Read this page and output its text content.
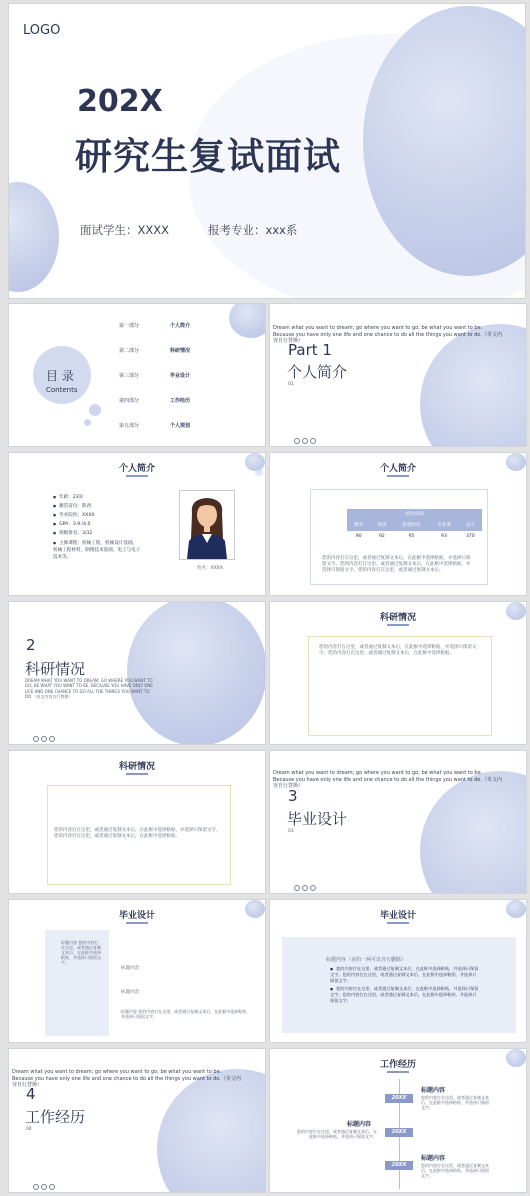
LOGO
202X
研究生复试面试
面试学生：XXXX	报考专业：xxx系
目 录
Contents
第一部分	个人简介
第二部分	科研情况
第三部分	毕业设计
第四部分	工作经历
第五部分	个人规划
Dream what you want to dream; go where you want to go; be what you want to be. Because you have only one life and one chance to do all the things you want to do.（英文内容自行替换）
Part 1
个人简介
01
个人简介
● 年龄：23岁
● 籍贯省份：陕西
● 毕业院校：XXXX
● GPA：3.9 /4.0
● 班级排名：3/32
● 主修课程：机械工程，机械设计基础，机械工程材料，制图技术基础，电工与电子技术等。
姓名：XXXX
个人简介
初试成绩				
数学	英语	思想政治	专业课	总分
90	92	95	93	370
您的内容打在这里，或者通过复制文本后，在此框中选择粘贴，并选择只保留文字。您的内容打在这里，或者通过复制文本后，在此框中选择粘贴，并选择只保留文字。您的内容打在这里，或者通过复制文本后。
2
科研情况
DREAM WHAT YOU WANT TO DREAM; GO WHERE YOU WANT TO GO; BE WHAT YOU WANT TO BE. BECAUSE YOU HAVE ONLY ONE LIFE AND ONE CHANCE TO DO ALL THE THINGS YOU WANT TO DO.（英文内容自行替换）
科研情况
您的内容打在这里，或者通过复制文本后，在此框中选择粘贴，并选择只保留文字。您的内容打在这里，或者通过复制文本后，在此框中选择粘贴。
科研情况
您的内容打在这里，或者通过复制文本后，在此框中选择粘贴，并选择只保留文字。您的内容打在这里，或者通过复制文本后，在此框中选择粘贴。
Dream what you want to dream; go where you want to go; be what you want to be. Because you have only one life and one chance to do all the things you want to do.（英文内容自行替换）
3
毕业设计
03
毕业设计
标题内容 您的内容打在这里，或者通过复制文本后，在此框中选择粘贴，并选择只保留文字。
标题内容
标题内容
标题内容 您的内容打在这里，或者通过复制文本后，在此框中选择粘贴，并选择只保留文字。
毕业设计
标题内容（多的一两可以自行删除）
● 您的内容打在这里，或者通过复制文本后，在此框中选择粘贴，并选择只保留文字。您的内容打在这里，或者通过复制文本后，在此框中选择粘贴，并选择只保留文字。
● 您的内容打在这里，或者通过复制文本后，在此框中选择粘贴，并选择只保留文字。您的内容打在这里，或者通过复制文本后，在此框中选择粘贴，并选择只保留文字。
Dream what you want to dream; go where you want to go; be what you want to be. Because you have only one life and one chance to do all the things you want to do.（英文内容自行替换）
4
工作经历
04
工作经历
20XX
标题内容
您的内容打在这里，或者通过复制文本后，在此框中选择粘贴，并选择只保留文字。
20XX
标题内容
您的内容打在这里，或者通过复制文本后，在此框中选择粘贴，并选择只保留文字。
20XX
标题内容
您的内容打在这里，或者通过复制文本后，在此框中选择粘贴，并选择只保留文字。
